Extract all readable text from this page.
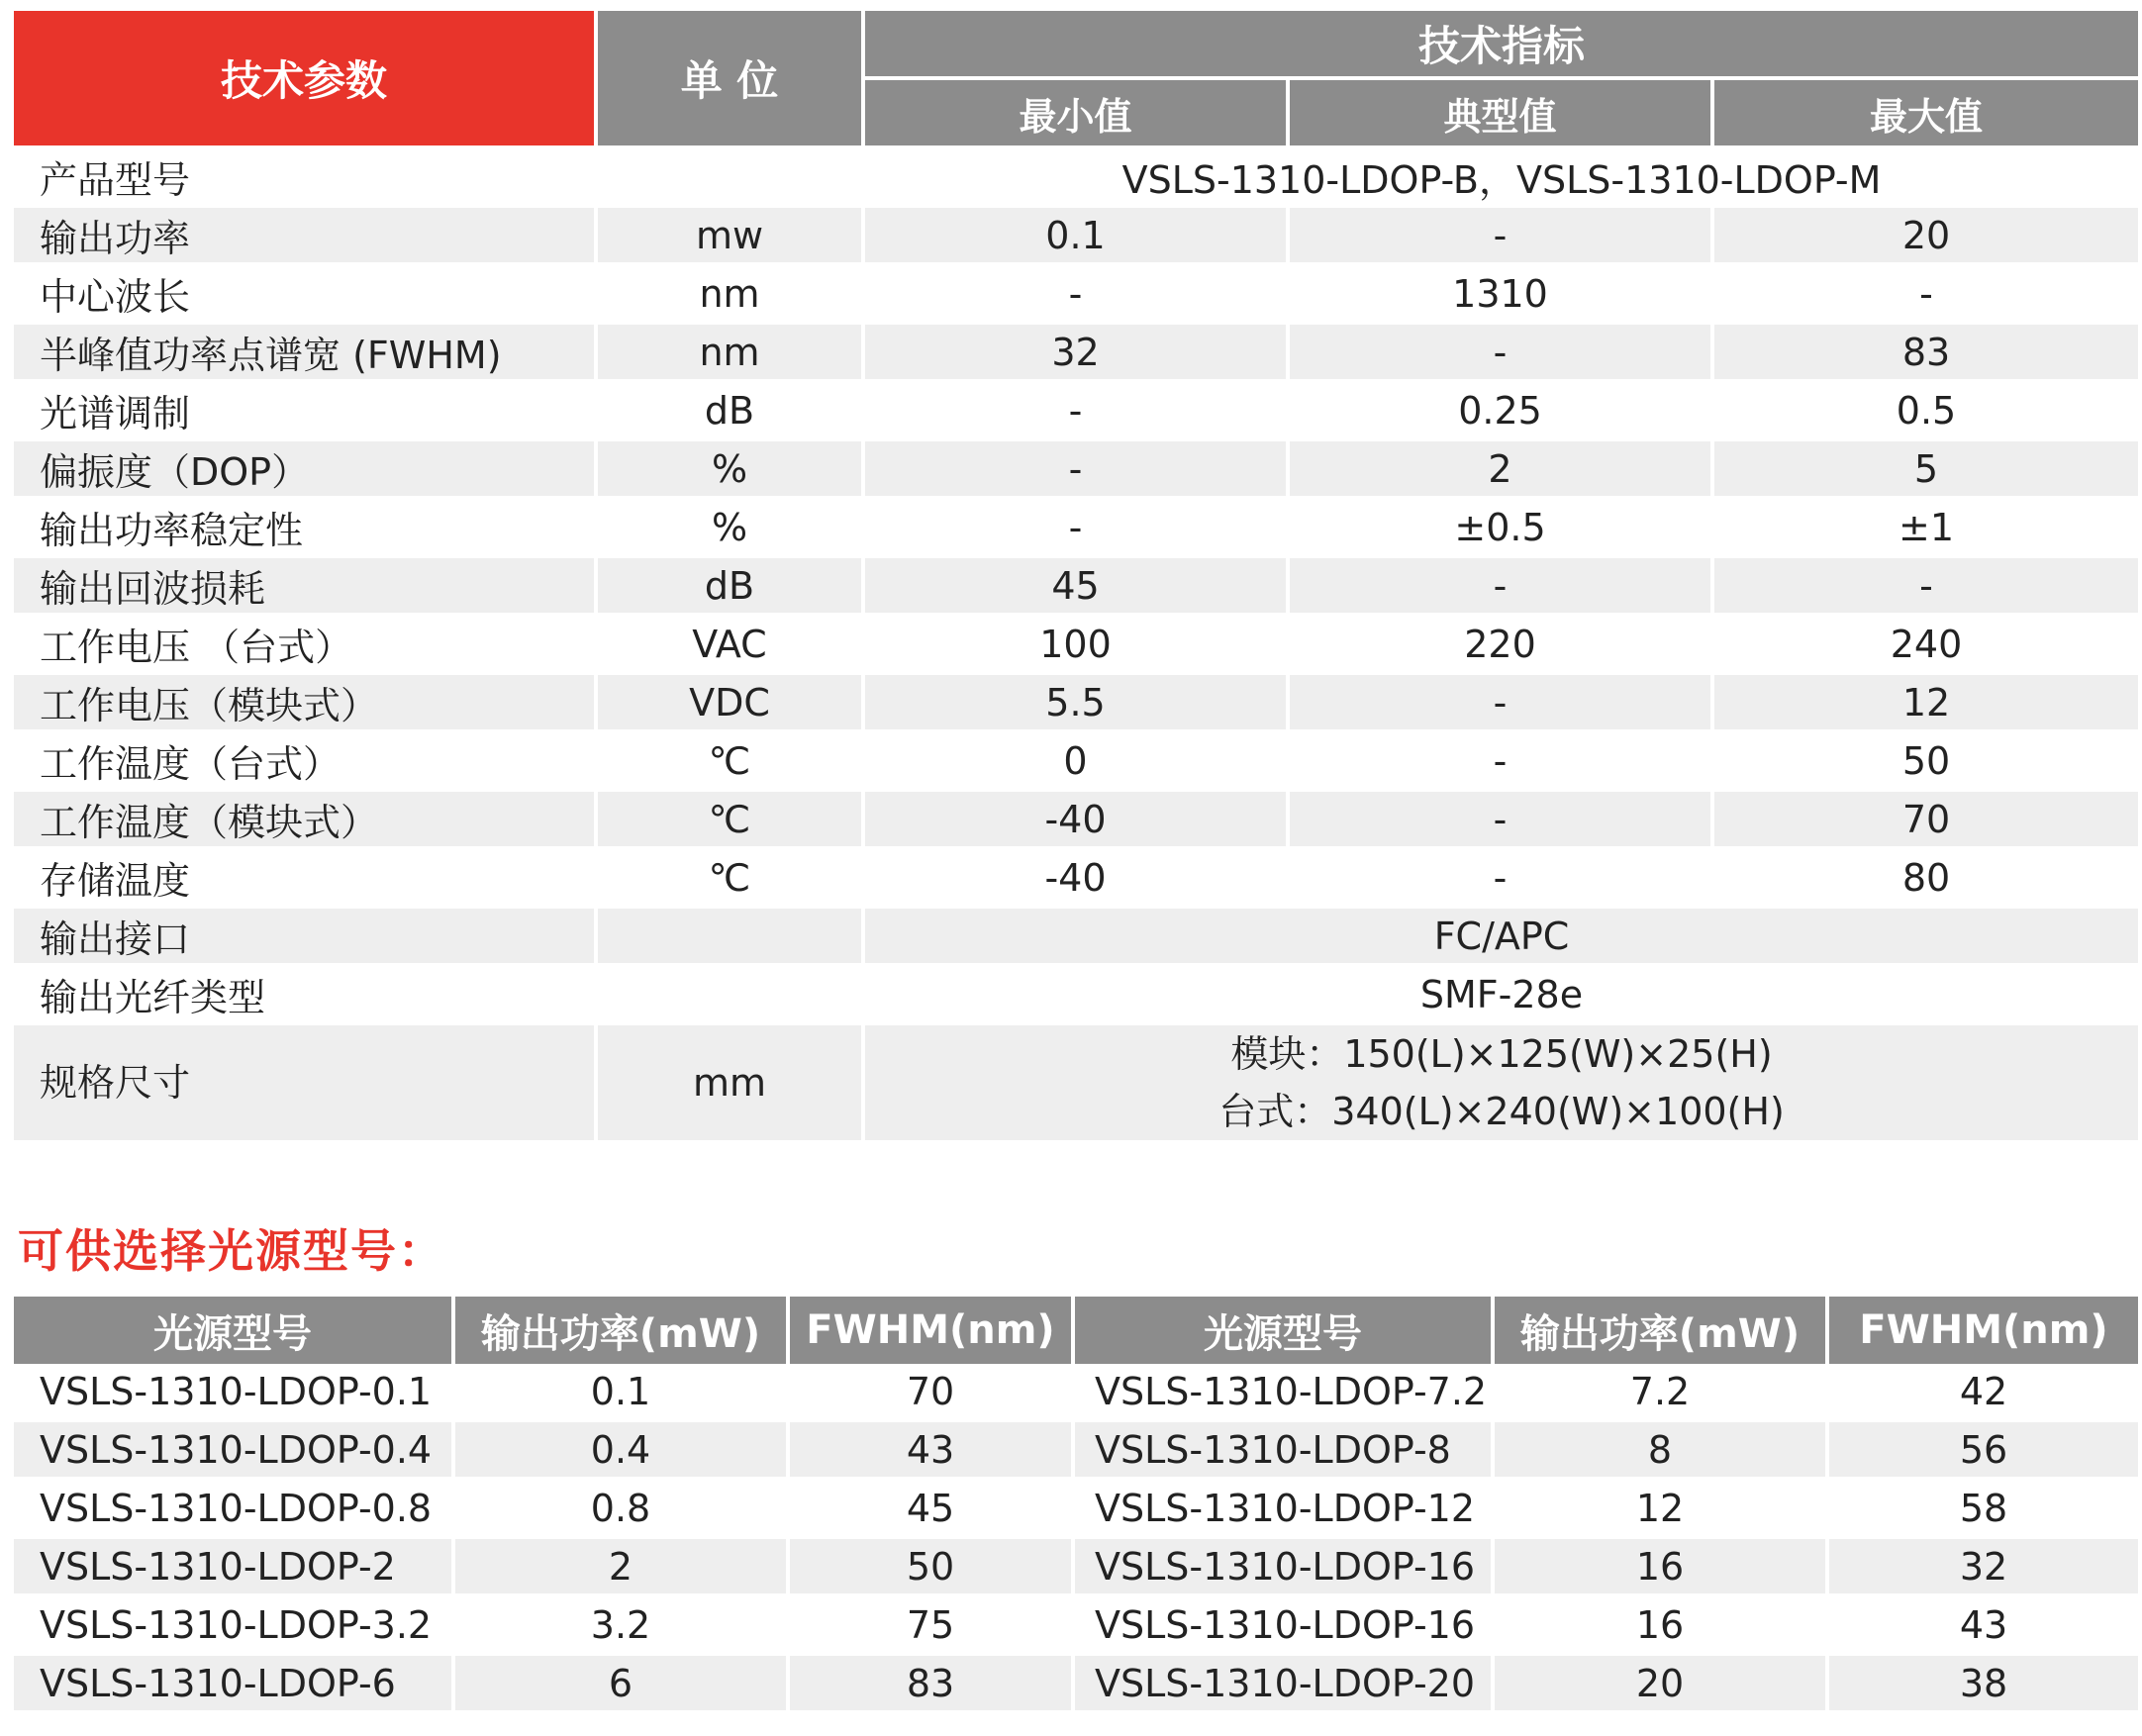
技术参数	单 位	技术指标		
		最小值	典型值	最大值
产品型号		VSLS-1310-LDOP-B，VSLS-1310-LDOP-M		
输出功率	mw	0.1	-	20
中心波长	nm	-	1310	-
半峰值功率点谱宽 (FWHM)	nm	32	-	83
光谱调制	dB	-	0.25	0.5
偏振度（DOP）	%	-	2	5
输出功率稳定性	%	-	±0.5	±1
输出回波损耗	dB	45	-	-
工作电压 （台式）	VAC	100	220	240
工作电压（模块式）	VDC	5.5	-	12
工作温度（台式）	℃	0	-	50
工作温度（模块式）	℃	-40	-	70
存储温度	℃	-40	-	80
输出接口		FC/APC		
输出光纤类型		SMF-28e		
规格尺寸	mm	模块：150(L)×125(W)×25(H)
台式：340(L)×240(W)×100(H)		
可供选择光源型号：
光源型号	输出功率(mW)	FWHM(nm)	光源型号	输出功率(mW)	FWHM(nm)
VSLS-1310-LDOP-0.1	0.1	70	VSLS-1310-LDOP-7.2	7.2	42
VSLS-1310-LDOP-0.4	0.4	43	VSLS-1310-LDOP-8	8	56
VSLS-1310-LDOP-0.8	0.8	45	VSLS-1310-LDOP-12	12	58
VSLS-1310-LDOP-2	2	50	VSLS-1310-LDOP-16	16	32
VSLS-1310-LDOP-3.2	3.2	75	VSLS-1310-LDOP-16	16	43
VSLS-1310-LDOP-6	6	83	VSLS-1310-LDOP-20	20	38
